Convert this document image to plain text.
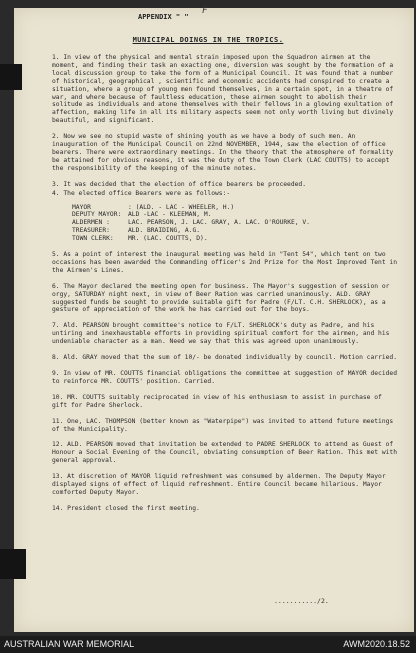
APPENDIX " "
F
MUNICIPAL DOINGS IN THE TROPICS.

1. In view of the physical and mental strain imposed upon the Squadron airmen at the moment, and finding their task an exacting one, diversion was sought by the formation of a local discussion group to take the form of a Municipal Council. It was found that a number of historical, geographical , scientific and economic accidents had conspired to create a situation, where a group of young men found themselves, in a certain spot, in a theatre of war, and where because of faultless education, these airmen sought to abolish their solitude as individuals and atone themselves with their fellows in a glowing exultation of affection, making life in all its military aspects seem not only worth living but divinely beautiful, and significant.

2. Now we see no stupid waste of shining youth as we have a body of such men. An inauguration of the Municipal Council on 22nd NOVEMBER, 1944, saw the election of office bearers. There were extraordinary meetings. In the theory that the atmosphere of formality be attained for obvious reasons, it was the duty of the Town Clerk (LAC COUTTS) to accept the responsibility of the keeping of the minute notes.

3. It was decided that the election of office bearers be proceeded.

4. The elected office Bearers were as follows:-

MAYOR	: (ALD. - LAC - WHEELER, H.)
DEPUTY MAYOR:	ALD -LAC - KLEEMAN, M.
ALDERMEN :	LAC. PEARSON, J. LAC. GRAY, A. LAC. O'ROURKE, V.
TREASURER:	ALD. BRAIDING, A.G.
TOWN CLERK:	MR. (LAC. COUTTS, D).

5. As a point of interest the inaugural meeting was held in "Tent 54", which tent on two occasions has been awarded the Commanding officer's 2nd Prize for the Most Improved Tent in the Airmen's Lines.

6. The Mayor declared the meeting open for business. The Mayor's suggestion of session or orgy, SATURDAY night next, in view of Beer Ration was carried unanimously. ALD. GRAY suggested funds be sought to provide suitable gift for Padre (F/LT. C.H. SHERLOCK), as a gesture of appreciation of the work he has carried out for the boys.

7. Ald. PEARSON brought committee's notice to F/LT. SHERLOCK's duty as Padre, and his untiring and inexhaustable efforts in providing spiritual comfort for the airmen, and his undeniable character as a man. Need we say that this was agreed upon unanimously.

8. Ald. GRAY moved that the sum of 10/- be donated individually by council. Motion carried.

9. In view of MR. COUTTS financial obligations the committee at suggestion of MAYOR decided to reinforce MR. COUTTS' position. Carried.

10. MR. COUTTS suitably reciprocated in view of his enthusiasm to assist in purchase of gift for Padre Sherlock.

11. One, LAC. THOMPSON (better known as "Waterpipe") was invited to attend future meetings of the Municipality.

12. ALD. PEARSON moved that invitation be extended to PADRE SHERLOCK to attend as Guest of Honour a Social Evening of the Council, obviating consumption of Beer Ration. This met with general approval.

13. At discretion of MAYOR liquid refreshment was consumed by aldermen. The Deputy Mayor displayed signs of effect of liquid refreshment. Entire Council became hilarious. Mayor comforted Deputy Mayor.

14. President closed the first meeting.

.........../2.
AUSTRALIAN WAR MEMORIAL	AWM2020.18.52
